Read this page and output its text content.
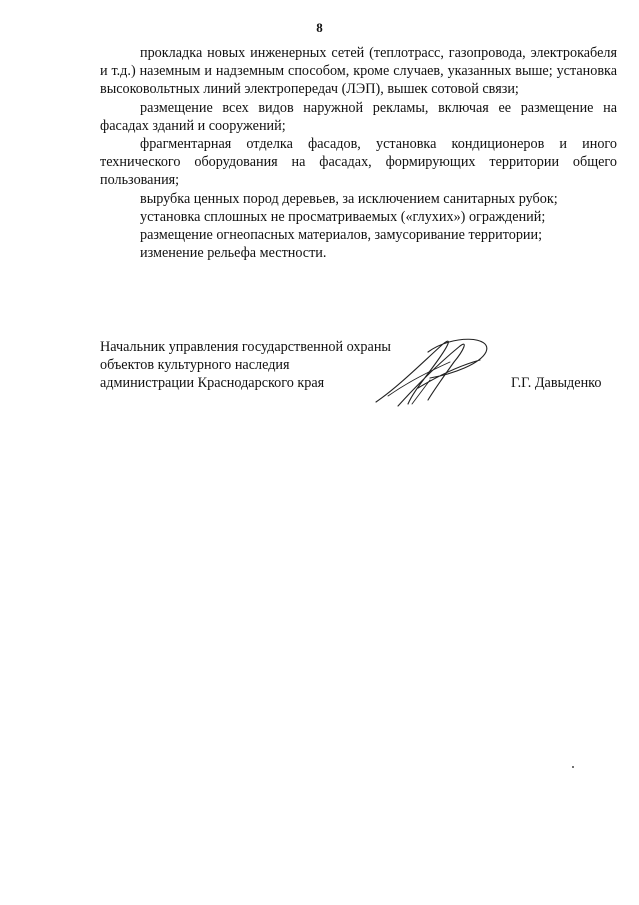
8

прокладка новых инженерных сетей (теплотрасс, газопровода, электрокабеля и т.д.) наземным и надземным способом, кроме случаев, указанных выше; установка высоковольтных линий электропередач (ЛЭП), вышек сотовой связи;

размещение всех видов наружной рекламы, включая ее размещение на фасадах зданий и сооружений;

фрагментарная отделка фасадов, установка кондиционеров и иного технического оборудования на фасадах, формирующих территории общего пользования;

вырубка ценных пород деревьев, за исключением санитарных рубок;

установка сплошных не просматриваемых («глухих») ограждений;

размещение огнеопасных материалов, замусоривание территории;

изменение рельефа местности.

Начальник управления государственной охраны

объектов культурного наследия

администрации Краснодарского края	Г.Г. Давыденко
